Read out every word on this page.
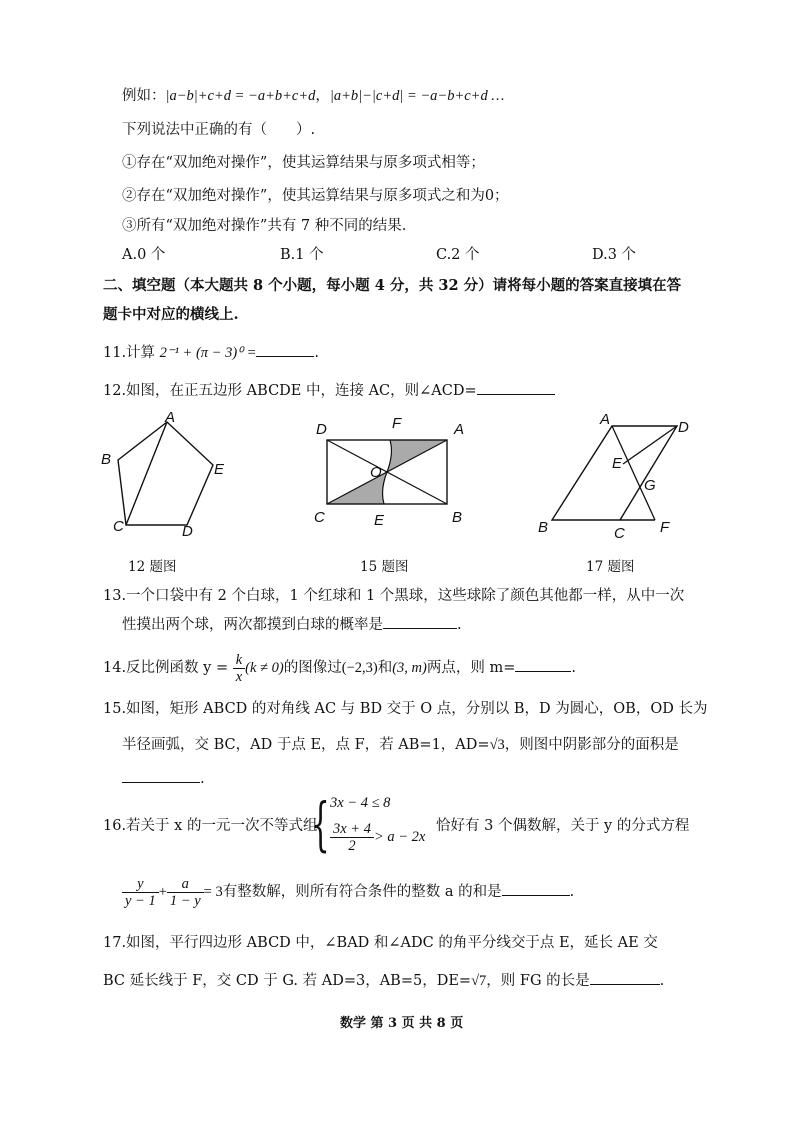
例如：|a−b|+c+d = −a+b+c+d，|a+b|−|c+d| = −a−b+c+d …
下列说法中正确的有（　　）.
①存在“双加绝对操作”，使其运算结果与原多项式相等；
②存在“双加绝对操作”，使其运算结果与原多项式之和为0；
③所有“双加绝对操作”共有 7 种不同的结果.
A.0 个	B.1 个	C.2 个	D.3 个
二、填空题（本大题共 8 个小题，每小题 4 分，共 32 分）请将每小题的答案直接填在答
题卡中对应的横线上.
11.计算 2⁻¹ + (π − 3)⁰ =	.
12.如图，在正五边形 ABCDE 中，连接 AC，则∠ACD=
A
B
C	D
E
12 题图
D	F	A
O
C	E	B
15 题图
A	D
E
G
B	C F
17 题图
13.一个口袋中有 2 个白球，1 个红球和 1 个黑球，这些球除了颜色其他都一样，从中一次
性摸出两个球，两次都摸到白球的概率是	.
14.反比例函数 $y = \frac{k}{x} (k \ne 0)$的图像过(−2,3)和(3, m)两点，则 m=	.
15.如图，矩形 ABCD 的对角线 AC 与 BD 交于 O 点，分别以 B，D 为圆心，OB，OD 长为
半径画弧，交 BC，AD 于点 E，点 F，若 AB=1，AD=√3，则图中阴影部分的面积是
.
16.若关于 x 的一元一次不等式组
{ 3x − 4 ≤ 8
$\frac{3x + 4}{2} > a - 2x$
恰好有 3 个偶数解，关于 y 的分式方程
$\frac{y}{y - 1} + \frac{a}{1 - y} = 3$有整数解，则所有符合条件的整数 a 的和是	.
17.如图，平行四边形 ABCD 中，∠BAD 和∠ADC 的角平分线交于点 E，延长 AE 交
BC 延长线于 F，交 CD 于 G. 若 AD=3，AB=5，DE=√7，则 FG 的长是	.
数学 第 3 页 共 8 页
